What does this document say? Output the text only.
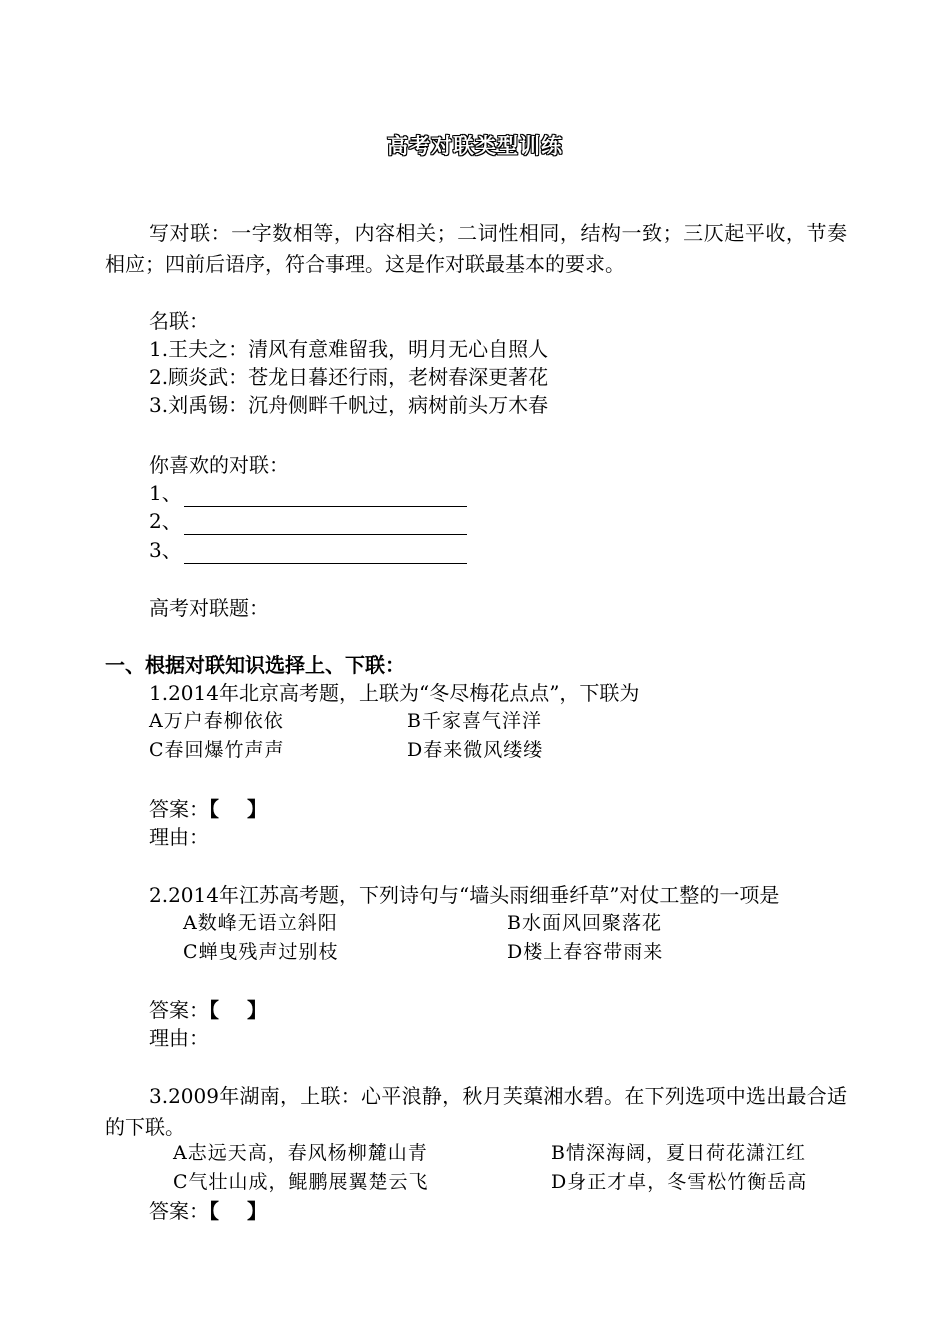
高考对联类型训练
写对联：一字数相等，内容相关；二词性相同，结构一致；三仄起平收，节奏相应；四前后语序，符合事理。这是作对联最基本的要求。
名联：
1.王夫之：清风有意难留我，明月无心自照人
2.顾炎武：苍龙日暮还行雨，老树春深更著花
3.刘禹锡：沉舟侧畔千帆过，病树前头万木春
你喜欢的对联：
1、
2、
3、
高考对联题：
一、根据对联知识选择上、下联：
1.2014年北京高考题，上联为“冬尽梅花点点”，下联为
A万户春柳依依	B千家喜气洋洋
C春回爆竹声声	D春来微风缕缕
答案：【 】
理由：
2.2014年江苏高考题，下列诗句与“墙头雨细垂纤草”对仗工整的一项是
A数峰无语立斜阳	B水面风回聚落花
C蝉曳残声过别枝	D楼上春容带雨来
答案：【 】
理由：
3.2009年湖南，上联：心平浪静，秋月芙蕖湘水碧。在下列选项中选出最合适的下联。
A志远天高，春风杨柳麓山青	B情深海阔，夏日荷花潇江红
C气壮山成，鲲鹏展翼楚云飞	D身正才卓，冬雪松竹衡岳高
答案：【 】
